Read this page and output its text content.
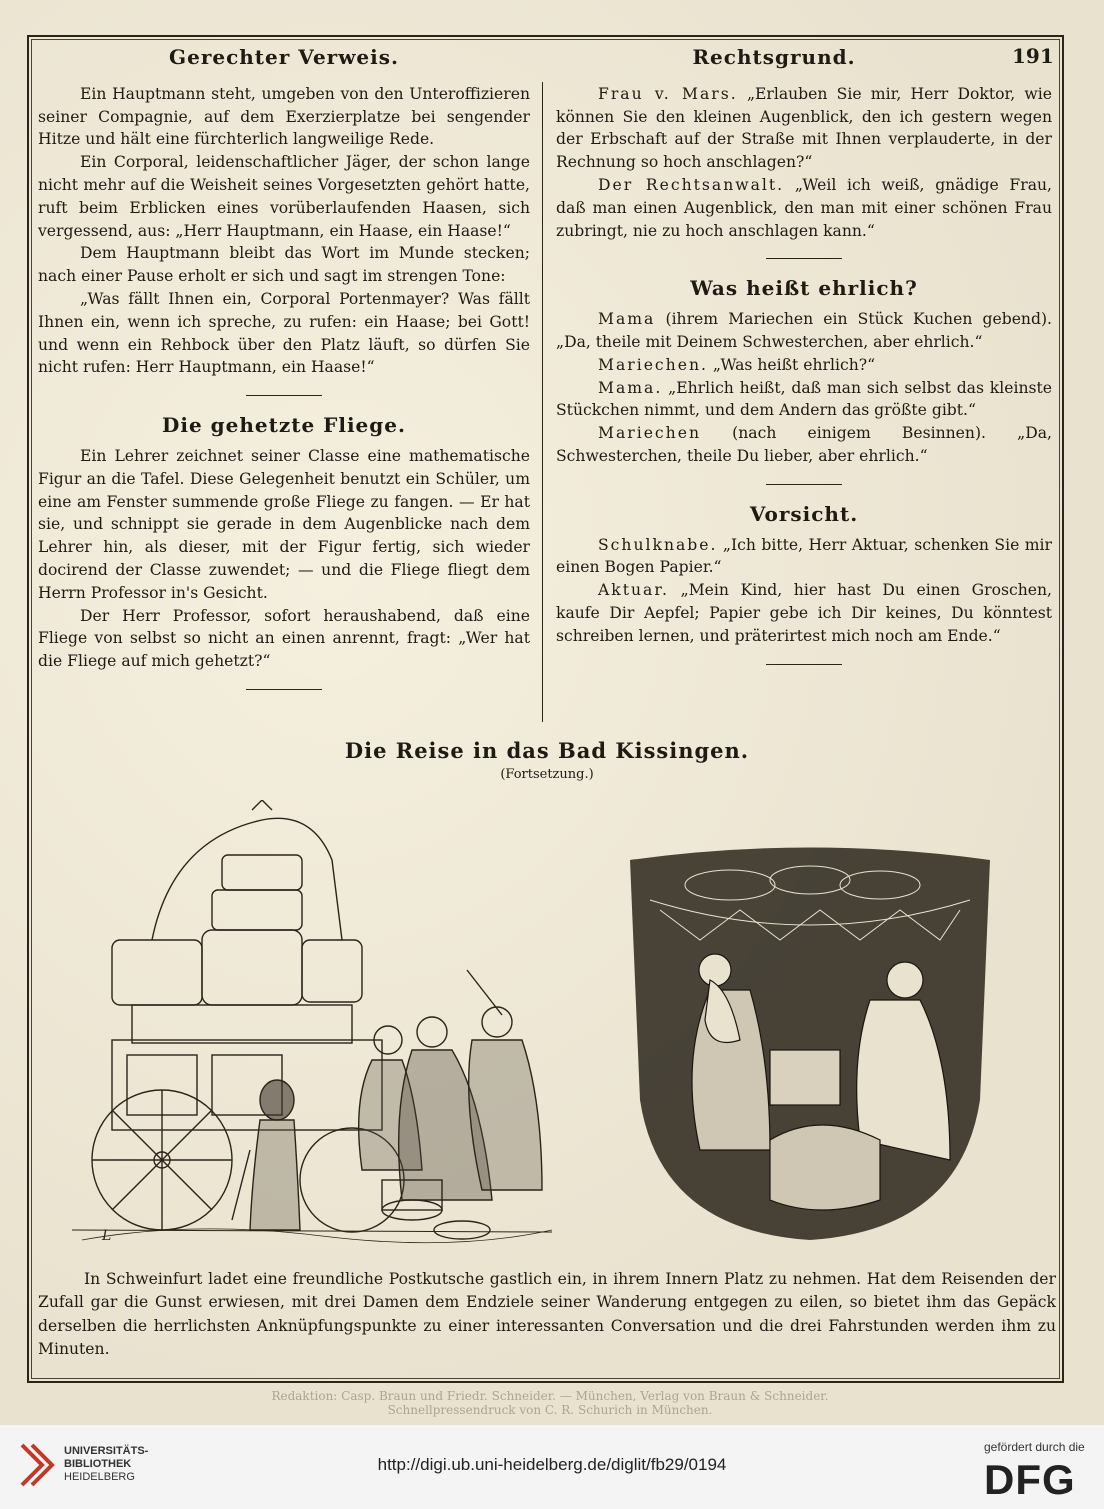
191
Gerechter Verweis.

Ein Hauptmann steht, umgeben von den Unteroffizieren seiner Compagnie, auf dem Exerzierplatze bei sengender Hitze und hält eine fürchterlich langweilige Rede.

Ein Corporal, leidenschaftlicher Jäger, der schon lange nicht mehr auf die Weisheit seines Vorgesetzten gehört hatte, ruft beim Erblicken eines vorüberlaufenden Haasen, sich vergessend, aus: „Herr Hauptmann, ein Haase, ein Haase!“

Dem Hauptmann bleibt das Wort im Munde stecken; nach einer Pause erholt er sich und sagt im strengen Tone:

„Was fällt Ihnen ein, Corporal Portenmayer? Was fällt Ihnen ein, wenn ich spreche, zu rufen: ein Haase; bei Gott! und wenn ein Rehbock über den Platz läuft, so dürfen Sie nicht rufen: Herr Hauptmann, ein Haase!“

Die gehetzte Fliege.

Ein Lehrer zeichnet seiner Classe eine mathematische Figur an die Tafel. Diese Gelegenheit benutzt ein Schüler, um eine am Fenster summende große Fliege zu fangen. — Er hat sie, und schnippt sie gerade in dem Augenblicke nach dem Lehrer hin, als dieser, mit der Figur fertig, sich wieder docirend der Classe zuwendet; — und die Fliege fliegt dem Herrn Professor in's Gesicht.

Der Herr Professor, sofort heraushabend, daß eine Fliege von selbst so nicht an einen anrennt, fragt: „Wer hat die Fliege auf mich gehetzt?“

Rechtsgrund.

Frau v. Mars. „Erlauben Sie mir, Herr Doktor, wie können Sie den kleinen Augenblick, den ich gestern wegen der Erbschaft auf der Straße mit Ihnen verplauderte, in der Rechnung so hoch anschlagen?“

Der Rechtsanwalt. „Weil ich weiß, gnädige Frau, daß man einen Augenblick, den man mit einer schönen Frau zubringt, nie zu hoch anschlagen kann.“

Was heißt ehrlich?

Mama (ihrem Mariechen ein Stück Kuchen gebend). „Da, theile mit Deinem Schwesterchen, aber ehrlich.“

Mariechen. „Was heißt ehrlich?“

Mama. „Ehrlich heißt, daß man sich selbst das kleinste Stückchen nimmt, und dem Andern das größte gibt.“

Mariechen (nach einigem Besinnen). „Da, Schwesterchen, theile Du lieber, aber ehrlich.“

Vorsicht.

Schulknabe. „Ich bitte, Herr Aktuar, schenken Sie mir einen Bogen Papier.“

Aktuar. „Mein Kind, hier hast Du einen Groschen, kaufe Dir Aepfel; Papier gebe ich Dir keines, Du könntest schreiben lernen, und präterirtest mich noch am Ende.“

Die Reise in das Bad Kissingen.
(Fortsetzung.)
L

In Schweinfurt ladet eine freundliche Postkutsche gastlich ein, in ihrem Innern Platz zu nehmen. Hat dem Reisenden der Zufall gar die Gunst erwiesen, mit drei Damen dem Endziele seiner Wanderung entgegen zu eilen, so bietet ihm das Gepäck derselben die herrlichsten Anknüpfungspunkte zu einer interessanten Conversation und die drei Fahrstunden werden ihm zu Minuten.

Redaktion: Casp. Braun und Friedr. Schneider. — München, Verlag von Braun & Schneider.
Schnellpressendruck von C. R. Schurich in München.
UNIVERSITÄTS-
BIBLIOTHEK
HEIDELBERG
http://digi.ub.uni-heidelberg.de/diglit/fb29/0194
gefördert durch die
DFG
